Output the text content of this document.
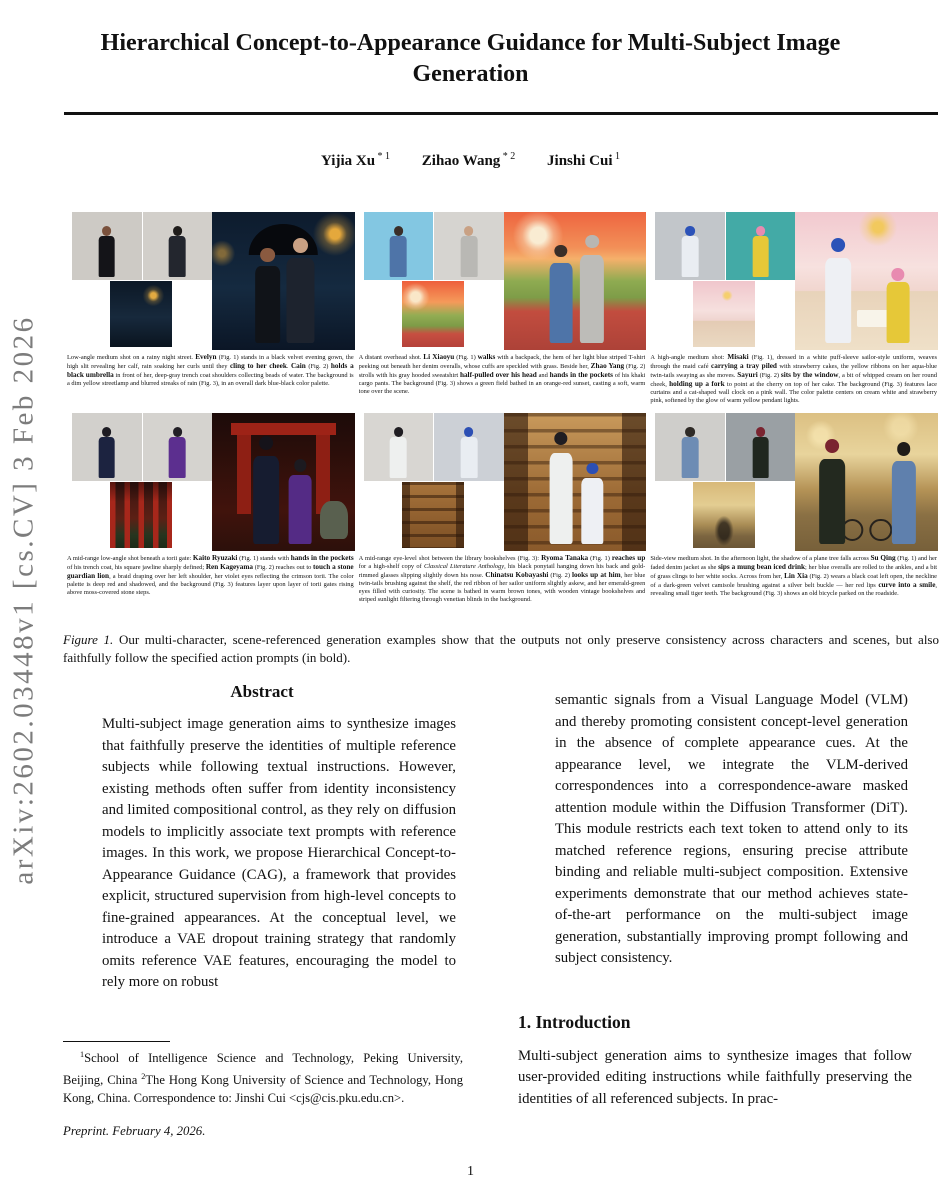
arXiv:2602.03448v1 [cs.CV] 3 Feb 2026
Hierarchical Concept-to-Appearance Guidance for Multi-Subject Image Generation
Yijia Xu $^{* 1}$ Zihao Wang $^{* 2}$ Jinshi Cui $^1$

Low-angle medium shot on a rainy night street. Evelyn (Fig. 1) stands in a black velvet evening gown, the high slit revealing her calf, rain soaking her curls until they cling to her cheek. Cain (Fig. 2) holds a black umbrella in front of her, deep-gray trench coat shoulders collecting beads of water. The background is a dim yellow streetlamp and blurred streaks of rain (Fig. 3), in an overall dark blue-black color palette.

A distant overhead shot. Li Xiaoyu (Fig. 1) walks with a backpack, the hem of her light blue striped T-shirt peeking out beneath her denim overalls, whose cuffs are speckled with grass. Beside her, Zhao Yang (Fig. 2) strolls with his gray hooded sweatshirt half-pulled over his head and hands in the pockets of his khaki cargo pants. The background (Fig. 3) shows a green field bathed in an orange-red sunset, casting a soft, warm tone over the scene.

A high-angle medium shot: Misaki (Fig. 1), dressed in a white puff-sleeve sailor-style uniform, weaves through the maid café carrying a tray piled with strawberry cakes, the yellow ribbons on her aqua-blue twin-tails swaying as she moves. Sayuri (Fig. 2) sits by the window, a bit of whipped cream on her round cheek, holding up a fork to point at the cherry on top of her cake. The background (Fig. 3) features lace curtains and a cat-shaped wall clock on a pink wall. The color palette centers on cream white and strawberry pink, softened by the glow of warm yellow pendant lights.

A mid-range low-angle shot beneath a torii gate: Kaito Ryuzaki (Fig. 1) stands with hands in the pockets of his trench coat, his square jawline sharply defined; Ren Kageyama (Fig. 2) reaches out to touch a stone guardian lion, a braid draping over her left shoulder, her violet eyes reflecting the crimson torii. The color palette is deep red and shadowed, and the background (Fig. 3) features layer upon layer of torii gates rising above moss-covered stone steps.

A mid-range eye-level shot between the library bookshelves (Fig. 3): Ryoma Tanaka (Fig. 1) reaches up for a high-shelf copy of Classical Literature Anthology, his black ponytail hanging down his back and gold-rimmed glasses slipping slightly down his nose. Chinatsu Kobayashi (Fig. 2) looks up at him, her blue twin-tails brushing against the shelf, the red ribbon of her sailor uniform slightly askew, and her emerald-green eyes filled with curiosity. The scene is bathed in warm brown tones, with wooden vintage bookshelves and striped sunlight filtering through venetian blinds in the background.

Side-view medium shot. In the afternoon light, the shadow of a plane tree falls across Su Qing (Fig. 1) and her faded denim jacket as she sips a mung bean iced drink; her blue overalls are rolled to the ankles, and a bit of grass clings to her white socks. Across from her, Lin Xia (Fig. 2) wears a black coat left open, the neckline of a dark-green velvet camisole brushing against a silver belt buckle — her red lips curve into a smile, revealing small tiger teeth. The background (Fig. 3) shows an old bicycle parked on the roadside.

Figure 1. Our multi-character, scene-referenced generation examples show that the outputs not only preserve consistency across characters and scenes, but also faithfully follow the specified action prompts (in bold).

Abstract

Multi-subject image generation aims to synthesize images that faithfully preserve the identities of multiple reference subjects while following textual instructions. However, existing methods often suffer from identity inconsistency and limited compositional control, as they rely on diffusion models to implicitly associate text prompts with reference images. In this work, we propose Hierarchical Concept-to-Appearance Guidance (CAG), a framework that provides explicit, structured supervision from high-level concepts to fine-grained appearances. At the conceptual level, we introduce a VAE dropout training strategy that randomly omits reference VAE features, encouraging the model to rely more on robust

semantic signals from a Visual Language Model (VLM) and thereby promoting consistent concept-level generation in the absence of complete appearance cues. At the appearance level, we integrate the VLM-derived correspondences into a correspondence-aware masked attention module within the Diffusion Transformer (DiT). This module restricts each text token to attend only to its matched reference regions, ensuring precise attribute binding and reliable multi-subject composition. Extensive experiments demonstrate that our method achieves state-of-the-art performance on the multi-subject image generation, substantially improving prompt following and subject consistency.

1. Introduction

Multi-subject generation aims to synthesize images that follow user-provided editing instructions while faithfully preserving the identities of all referenced subjects. In prac-

$^1$School of Intelligence Science and Technology, Peking University, Beijing, China $^2$The Hong Kong University of Science and Technology, Hong Kong, China. Correspondence to: Jinshi Cui <cjs@cis.pku.edu.cn>.

Preprint. February 4, 2026.

1
